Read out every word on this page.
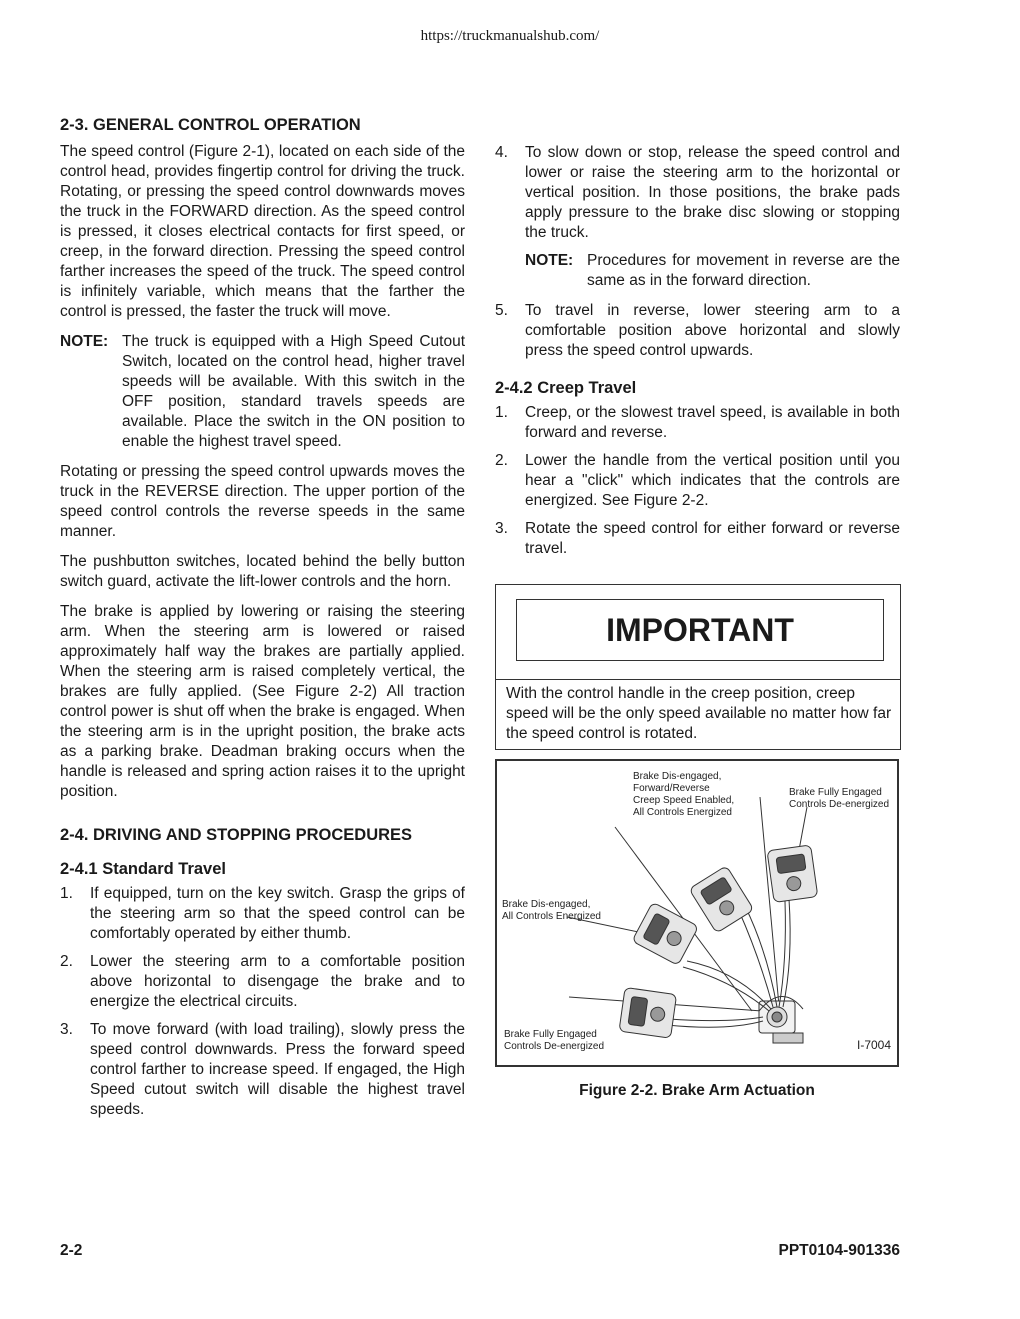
https://truckmanualshub.com/
2-3. GENERAL CONTROL OPERATION

The speed control (Figure 2-1), located on each side of the control head, provides fingertip control for driving the truck. Rotating, or pressing the speed control downwards moves the truck in the FORWARD direction. As the speed control is pressed, it closes electrical contacts for first speed, or creep, in the forward direction. Pressing the speed control farther increases the speed of the truck. The speed control is infinitely variable, which means that the farther the control is pressed, the faster the truck will move.

NOTE: The truck is equipped with a High Speed Cutout Switch, located on the control head, higher travel speeds will be available. With this switch in the OFF position, standard travels speeds are available. Place the switch in the ON position to enable the highest travel speed.

Rotating or pressing the speed control upwards moves the truck in the REVERSE direction. The upper portion of the speed control controls the reverse speeds in the same manner.

The pushbutton switches, located behind the belly button switch guard, activate the lift-lower controls and the horn.

The brake is applied by lowering or raising the steering arm. When the steering arm is lowered or raised approximately half way the brakes are partially applied. When the steering arm is raised completely vertical, the brakes are fully applied. (See Figure 2-2) All traction control power is shut off when the brake is engaged. When the steering arm is in the upright position, the brake acts as a parking brake. Deadman braking occurs when the handle is released and spring action raises it to the upright position.

2-4. DRIVING AND STOPPING PROCEDURES
2-4.1 Standard Travel
1.	If equipped, turn on the key switch. Grasp the grips of the steering arm so that the speed control can be comfortably operated by either thumb.
2.	Lower the steering arm to a comfortable position above horizontal to disengage the brake and to energize the electrical circuits.
3.	To move forward (with load trailing), slowly press the speed control downwards. Press the forward speed control farther to increase speed. If engaged, the High Speed cutout switch will disable the highest travel speeds.
4.	To slow down or stop, release the speed control and lower or raise the steering arm to the horizontal or vertical position. In those positions, the brake pads apply pressure to the brake disc slowing or stopping the truck.
NOTE: Procedures for movement in reverse are the same as in the forward direction.
5.	To travel in reverse, lower steering arm to a comfortable position above horizontal and slowly press the speed control upwards.
2-4.2 Creep Travel
1.	Creep, or the slowest travel speed, is available in both forward and reverse.
2.	Lower the handle from the vertical position until you hear a "click" which indicates that the controls are energized. See Figure 2-2.
3.	Rotate the speed control for either forward or reverse travel.
IMPORTANT
With the control handle in the creep position, creep speed will be the only speed available no matter how far the speed control is rotated.
Brake Dis-engaged,
Forward/Reverse
Creep Speed Enabled,
All Controls Energized
Brake Fully Engaged
Controls De-energized
Brake Dis-engaged,
All Controls Energized
Brake Fully Engaged
Controls De-energized	I-7004
Figure 2-2. Brake Arm Actuation
2-2	PPT0104-901336
